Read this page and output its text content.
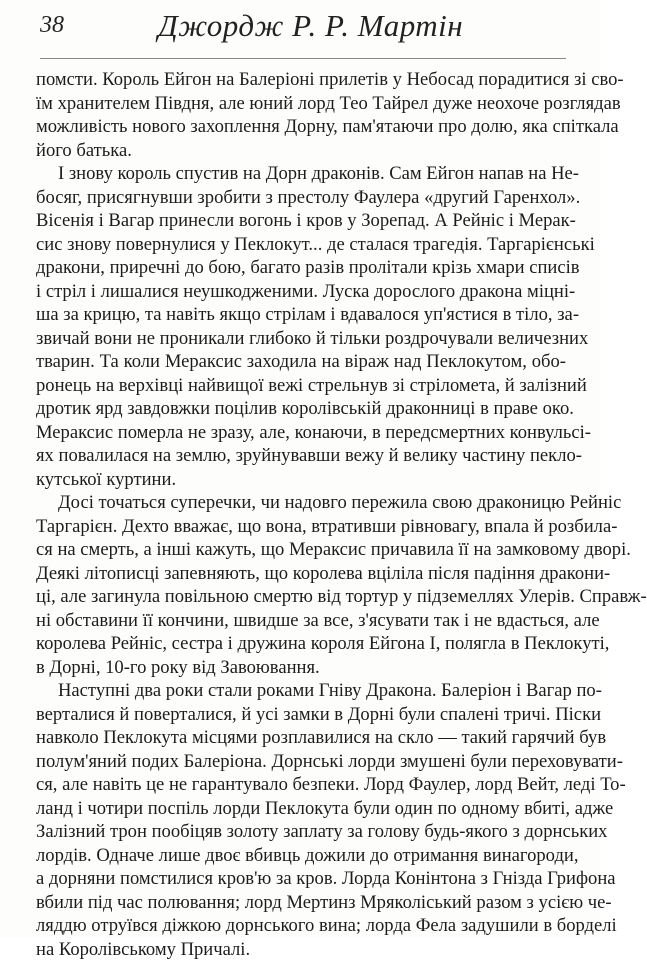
38	Джордж Р. Р. Мартін
помсти. Король Ейгон на Балеріоні прилетів у Небосад порадитися зі сво-
їм хранителем Півдня, але юний лорд Тео Тайрел дуже неохоче розглядав
можливість нового захоплення Дорну, пам'ятаючи про долю, яка спіткала
його батька.
І знову король спустив на Дорн драконів. Сам Ейгон напав на Не-
босяг, присягнувши зробити з престолу Фаулера «другий Гаренхол».
Вісенія і Вагар принесли вогонь і кров у Зорепад. А Рейніс і Мерак-
сис знову повернулися у Пеклокут... де сталася трагедія. Таргарієнські
дракони, приречні до бою, багато разів пролітали крізь хмари списів
і стріл і лишалися неушкодженими. Луска дорослого дракона міцні-
ша за крицю, та навіть якщо стрілам і вдавалося уп'ястися в тіло, за-
звичай вони не проникали глибоко й тільки роздрочували величезних
тварин. Та коли Мераксис заходила на віраж над Пеклокутом, обо-
ронець на верхівці найвищої вежі стрельнув зі стріломета, й залізний
дротик ярд завдовжки поцілив королівській драконниці в праве око.
Мераксис померла не зразу, але, конаючи, в передсмертних конвульсі-
ях повалилася на землю, зруйнувавши вежу й велику частину пекло-
кутської куртини.
Досі точаться суперечки, чи надовго пережила свою драконицю Рейніс
Таргарієн. Дехто вважає, що вона, втративши рівновагу, впала й розбила-
ся на смерть, а інші кажуть, що Мераксис причавила її на замковому дворі.
Деякі літописці запевняють, що королева вціліла після падіння дракони-
ці, але загинула повільною смертю від тортур у підземеллях Улерів. Справж-
ні обставини її кончини, швидше за все, з'ясувати так і не вдасться, але
королева Рейніс, сестра і дружина короля Ейгона І, полягла в Пеклокуті,
в Дорні, 10-го року від Завоювання.
Наступні два роки стали роками Гніву Дракона. Балеріон і Вагар по-
верталися й поверталися, й усі замки в Дорні були спалені тричі. Піски
навколо Пеклокута місцями розплавилися на скло — такий гарячий був
полум'яний подих Балеріона. Дорнські лорди змушені були переховувати-
ся, але навіть це не гарантувало безпеки. Лорд Фаулер, лорд Вейт, леді То-
ланд і чотири поспіль лорди Пеклокута були один по одному вбиті, адже
Залізний трон пообіцяв золоту заплату за голову будь-якого з дорнських
лордів. Одначе лише двоє вбивць дожили до отримання винагороди,
а дорняни помстилися кров'ю за кров. Лорда Конінтона з Гнізда Грифона
вбили під час полювання; лорд Мертинз Мряколіський разом з усією че-
ляддю отруївся діжкою дорнського вина; лорда Фела задушили в борделі
на Королівському Причалі.
